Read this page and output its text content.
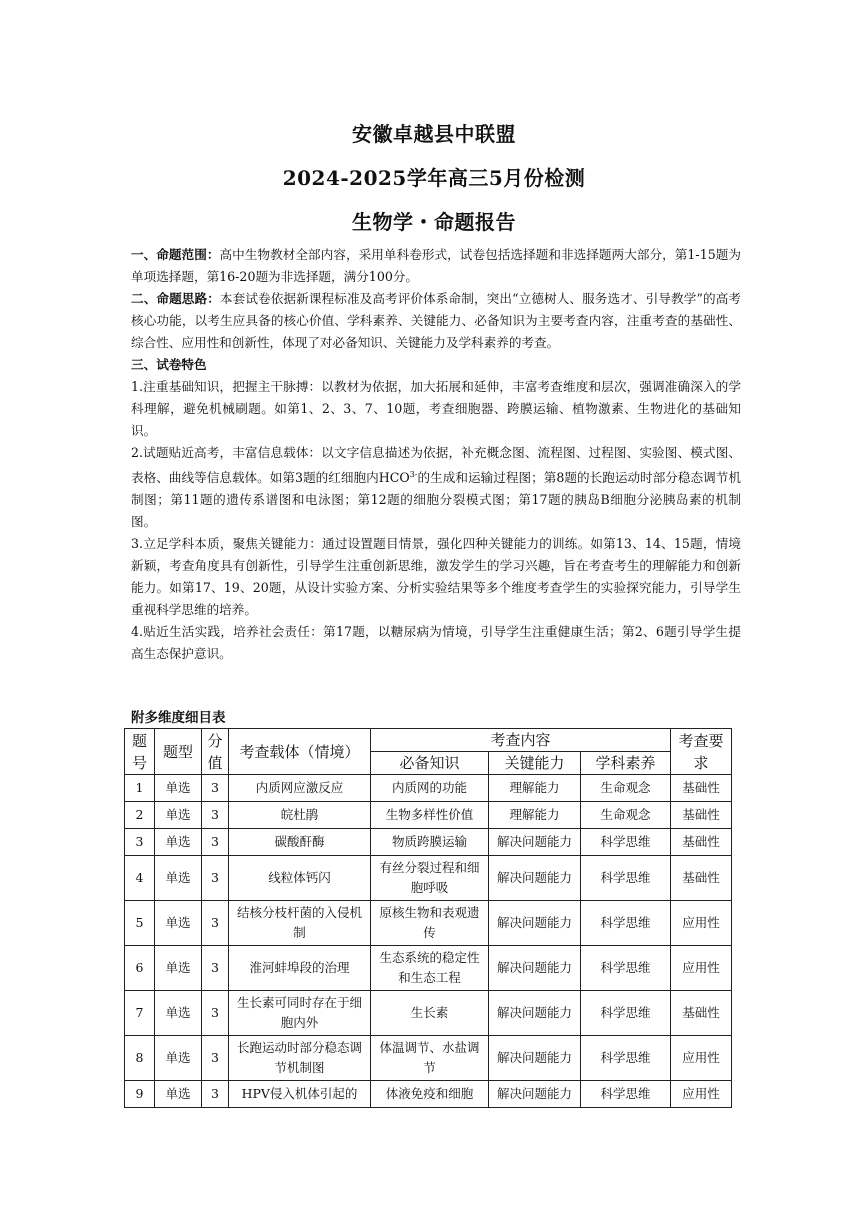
安徽卓越县中联盟
2024-2025学年高三5月份检测
生物学・命题报告

一、命题范围：高中生物教材全部内容，采用单科卷形式，试卷包括选择题和非选择题两大部分，第1-15题为单项选择题，第16-20题为非选择题，满分100分。

二、命题思路：本套试卷依据新课程标准及高考评价体系命制，突出“立德树人、服务选才、引导教学”的高考核心功能，以考生应具备的核心价值、学科素养、关键能力、必备知识为主要考查内容，注重考查的基础性、综合性、应用性和创新性，体现了对必备知识、关键能力及学科素养的考查。

三、试卷特色

1.注重基础知识，把握主干脉搏：以教材为依据，加大拓展和延伸，丰富考查维度和层次，强调准确深入的学科理解，避免机械刷题。如第1、2、3、7、10题，考查细胞器、跨膜运输、植物激素、生物进化的基础知识。

2.试题贴近高考，丰富信息载体：以文字信息描述为依据，补充概念图、流程图、过程图、实验图、模式图、表格、曲线等信息载体。如第3题的红细胞内$HCO^{3-}$的生成和运输过程图；第8题的长跑运动时部分稳态调节机制图；第11题的遗传系谱图和电泳图；第12题的细胞分裂模式图；第17题的胰岛B细胞分泌胰岛素的机制图。

3.立足学科本质，聚焦关键能力：通过设置题目情景，强化四种关键能力的训练。如第13、14、15题，情境新颖，考查角度具有创新性，引导学生注重创新思维，激发学生的学习兴趣，旨在考查考生的理解能力和创新能力。如第17、19、20题，从设计实验方案、分析实验结果等多个维度考查学生的实验探究能力，引导学生重视科学思维的培养。

4.贴近生活实践，培养社会责任：第17题，以糖尿病为情境，引导学生注重健康生活；第2、6题引导学生提高生态保护意识。

附多维度细目表
题号	题型	分值	考查载体（情境）	考查内容			考查要求
				必备知识	关键能力	学科素养	
1	单选	3	内质网应激反应	内质网的功能	理解能力	生命观念	基础性
2	单选	3	皖杜鹃	生物多样性价值	理解能力	生命观念	基础性
3	单选	3	碳酸酐酶	物质跨膜运输	解决问题能力	科学思维	基础性
4	单选	3	线粒体钙闪	有丝分裂过程和细胞呼吸	解决问题能力	科学思维	基础性
5	单选	3	结核分枝杆菌的入侵机制	原核生物和表观遗传	解决问题能力	科学思维	应用性
6	单选	3	淮河蚌埠段的治理	生态系统的稳定性和生态工程	解决问题能力	科学思维	应用性
7	单选	3	生长素可同时存在于细胞内外	生长素	解决问题能力	科学思维	基础性
8	单选	3	长跑运动时部分稳态调节机制图	体温调节、水盐调节	解决问题能力	科学思维	应用性
9	单选	3	HPV侵入机体引起的	体液免疫和细胞	解决问题能力	科学思维	应用性
